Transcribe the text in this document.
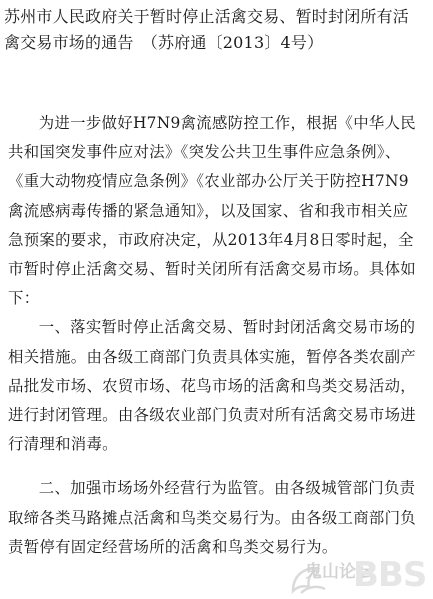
苏州市人民政府关于暂时停止活禽交易、暂时封闭所有活禽交易市场的通告　（苏府通〔2013〕4号）

为进一步做好H7N9禽流感防控工作，根据《中华人民共和国突发事件应对法》《突发公共卫生事件应急条例》、《重大动物疫情应急条例》《农业部办公厅关于防控H7N9禽流感病毒传播的紧急通知》，以及国家、省和我市相关应急预案的要求，市政府决定，从2013年4月8日零时起，全市暂时停止活禽交易、暂时关闭所有活禽交易市场。具体如下：

一、落实暂时停止活禽交易、暂时封闭活禽交易市场的相关措施。由各级工商部门负责具体实施，暂停各类农副产品批发市场、农贸市场、花鸟市场的活禽和鸟类交易活动，进行封闭管理。由各级农业部门负责对所有活禽交易市场进行清理和消毒。

二、加强市场场外经营行为监管。由各级城管部门负责取缔各类马路摊点活禽和鸟类交易行为。由各级工商部门负责暂停有固定经营场所的活禽和鸟类交易行为。

鬼山论坛
BBS
